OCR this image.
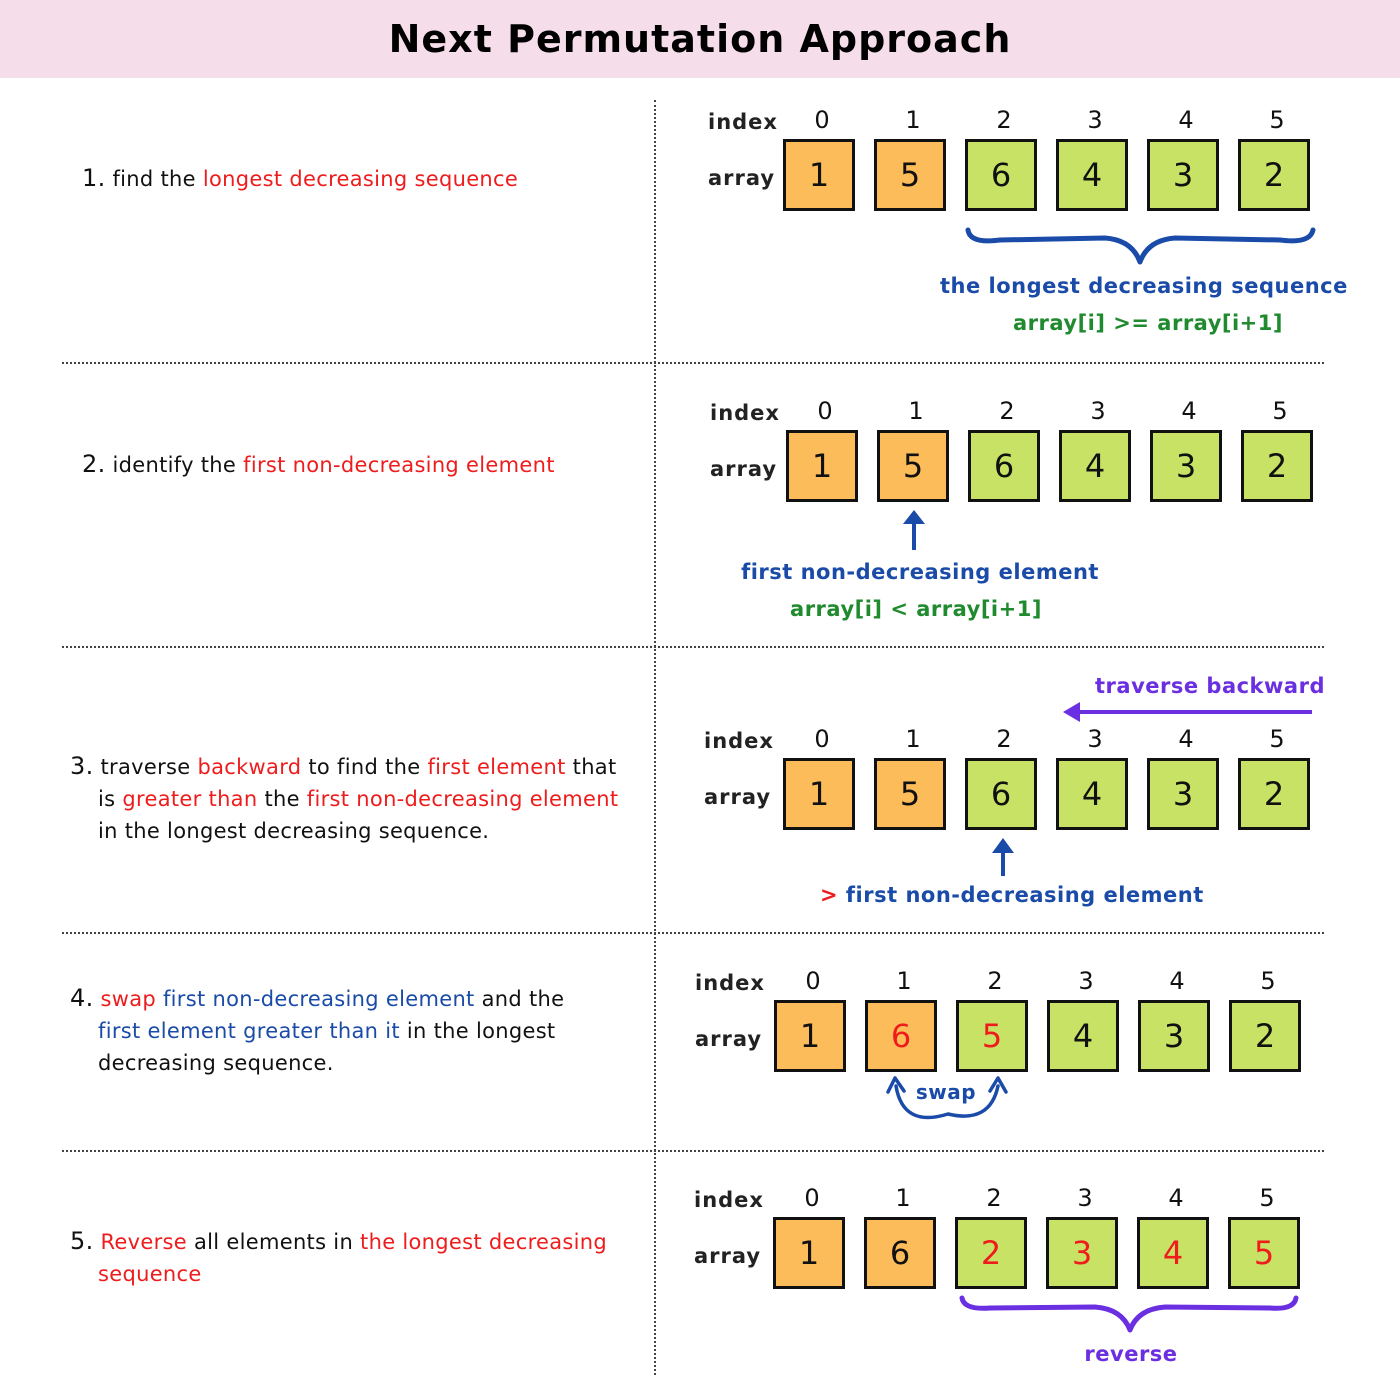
Next Permutation Approach
1. find the longest decreasing sequence
2. identify the first non-decreasing element
3. traverse backward to find the first element that
is greater than the first non-decreasing element
in the longest decreasing sequence.
4. swap first non-decreasing element and the
first element greater than it in the longest
decreasing sequence.
5. Reverse all elements in the longest decreasing
sequence
index
array
0	1	2	3	4	5
1	5	6	4	3	2
the longest decreasing sequence
array[i] >= array[i+1]
index
array
0	1	2	3	4	5
1	5	6	4	3	2
first non-decreasing element
array[i] < array[i+1]
traverse backward
index
array
0	1	2	3	4	5
1	5	6	4	3	2
> first non-decreasing element
index
array
0	1	2	3	4	5
1	6	5	4	3	2
swap
index
array
0	1	2	3	4	5
1	6	2	3	4	5
reverse
